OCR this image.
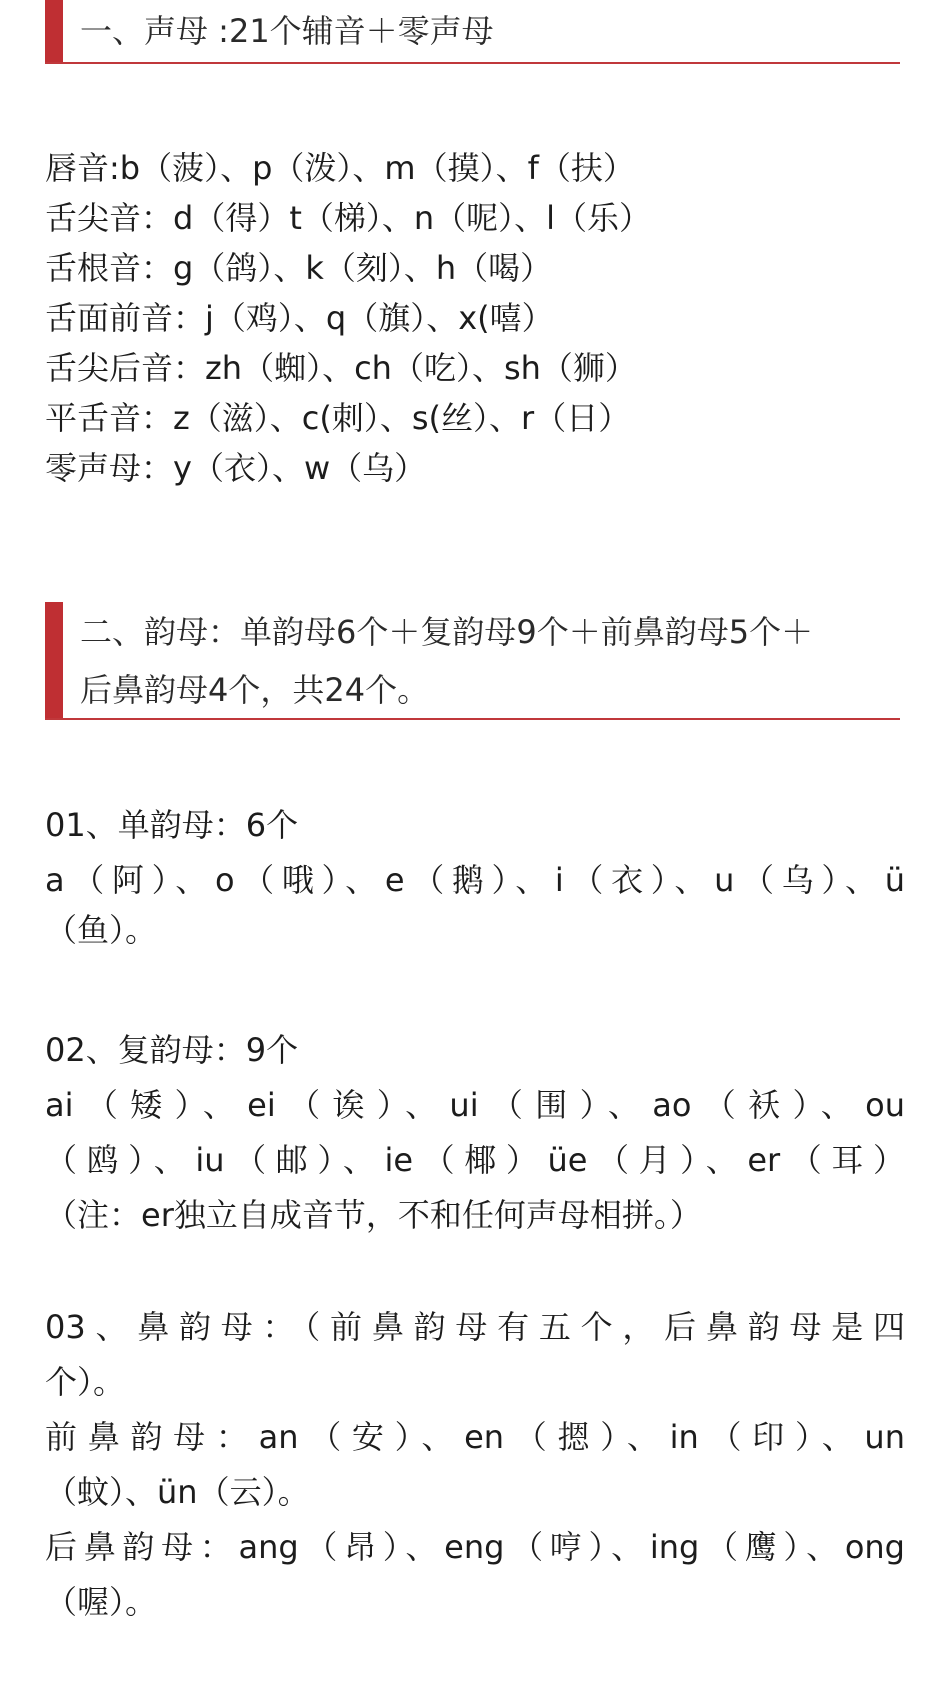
一、声母 :21个辅音＋零声母
唇音:b（菠）、p（泼）、m（摸）、f（扶）
舌尖音：d（得）t（梯）、n（呢）、l（乐）
舌根音：g（鸽）、k（刻）、h（喝）
舌面前音：j（鸡）、q（旗）、x(嘻）
舌尖后音：zh（蜘）、ch（吃）、sh（狮）
平舌音：z（滋）、c(刺）、s(丝）、r（日）
零声母：y（衣）、w（乌）
二、韵母：单韵母6个＋复韵母9个＋前鼻韵母5个＋
后鼻韵母4个，共24个。
01、单韵母：6个
a（阿）、o（哦）、e（鹅）、i（衣）、u（乌）、ü
（鱼）。
02、复韵母：9个
ai（矮）、ei（诶）、ui（围）、ao（袄）、ou
（鸥）、iu（邮）、ie（椰）üe（月）、er（耳）
（注：er独立自成音节，不和任何声母相拼。）
03、鼻韵母：（前鼻韵母有五个，后鼻韵母是四
个）。
前鼻韵母：an（安）、en（摁）、in（印）、un
（蚊）、ün（云）。
后鼻韵母：ang（昂）、eng（哼）、ing（鹰）、ong
（喔）。
